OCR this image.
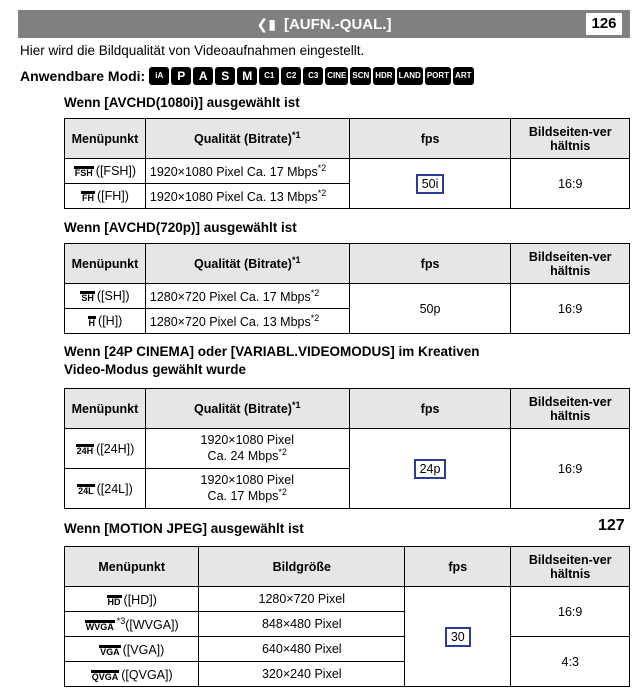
❮▮ [AUFN.-QUAL.]	126
Hier wird die Bildqualität von Videoaufnahmen eingestellt.
Anwendbare Modi:	iA	P	A	S	M	C1	C2	C3	CINE SCN HDR LAND PORT ART
Wenn [AVCHD(1080i)] ausgewählt ist
Menüpunkt	Qualität (Bitrate)$^{*1}$	fps	Bildseiten-ver hältnis
FSH ([FSH])	1920×1080 Pixel Ca. 17 Mbps$^{*2}$	50i	16:9
FH ([FH])	1920×1080 Pixel Ca. 13 Mbps$^{*2}$
Wenn [AVCHD(720p)] ausgewählt ist
Menüpunkt	Qualität (Bitrate)$^{*1}$	fps	Bildseiten-ver hältnis
SH ([SH])	1280×720 Pixel Ca. 17 Mbps$^{*2}$	50p	16:9
H ([H])	1280×720 Pixel Ca. 13 Mbps$^{*2}$
Wenn [24P CINEMA] oder [VARIABL.VIDEOMODUS] im Kreativen
Video-Modus gewählt wurde
Menüpunkt	Qualität (Bitrate)$^{*1}$	fps	Bildseiten-ver hältnis
24H ([24H])	1920×1080 Pixel
Ca. 24 Mbps$^{*2}$	24p	16:9
24L ([24L])	1920×1080 Pixel
Ca. 17 Mbps$^{*2}$
Wenn [MOTION JPEG] ausgewählt ist	127
Menüpunkt	Bildgröße	fps	Bildseiten-ver hältnis
HD ([HD])	1280×720 Pixel	30	16:9
WVGA$^{*3}$([WVGA])	848×480 Pixel		
VGA ([VGA])	640×480 Pixel		4:3
QVGA ([QVGA])	320×240 Pixel		
